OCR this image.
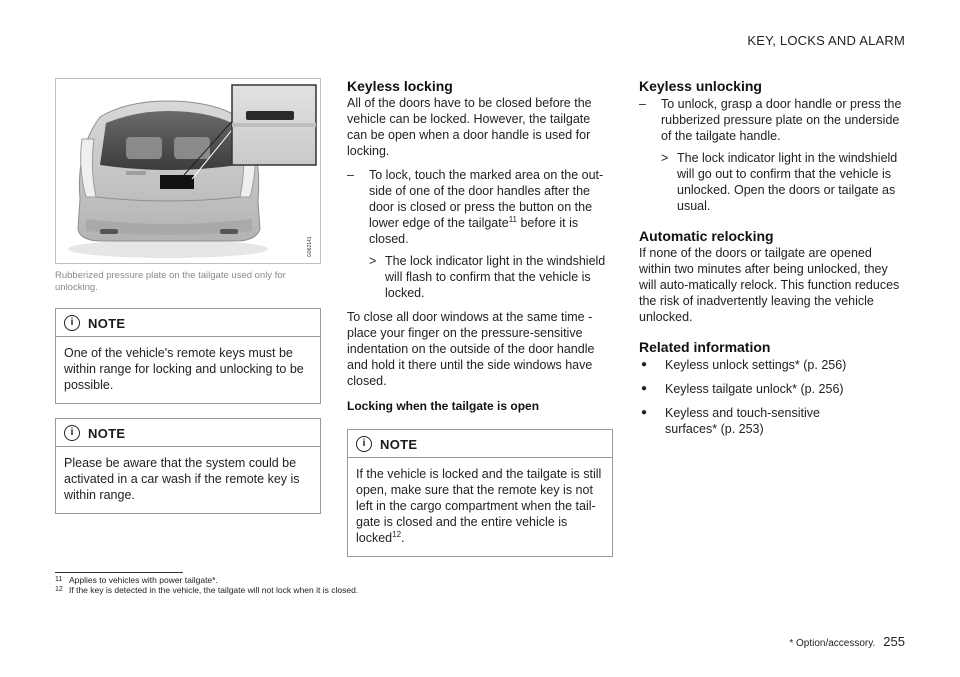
KEY, LOCKS AND ALARM
G062141
Rubberized pressure plate on the tailgate used only for unlocking.
i	NOTE
One of the vehicle's remote keys must be within range for locking and unlocking to be possible.
i	NOTE
Please be aware that the system could be activated in a car wash if the remote key is within range.
Keyless locking

All of the doors have to be closed before the vehicle can be locked. However, the tailgate can be open when a door handle is used for locking.

–	To lock, touch the marked area on the out-side of one of the door handles after the door is closed or press the button on the lower edge of the tailgate$^{11}$ before it is closed.
> The lock indicator light in the windshield will flash to confirm that the vehicle is locked.

To close all door windows at the same time - place your finger on the pressure-sensitive indentation on the outside of the door handle and hold it there until the side windows have closed.

Locking when the tailgate is open
i	NOTE
If the vehicle is locked and the tailgate is still open, make sure that the remote key is not left in the cargo compartment when the tail-gate is closed and the entire vehicle is locked$^{12}$.
Keyless unlocking
–	To unlock, grasp a door handle or press the rubberized pressure plate on the underside of the tailgate handle.
> The lock indicator light in the windshield will go out to confirm that the vehicle is unlocked. Open the doors or tailgate as usual.
Automatic relocking

If none of the doors or tailgate are opened within two minutes after being unlocked, they will auto-matically relock. This function reduces the risk of inadvertently leaving the vehicle unlocked.

Related information
●	Keyless unlock settings* (p. 256)
●	Keyless tailgate unlock* (p. 256)
●	Keyless and touch-sensitive surfaces* (p. 253)
11 Applies to vehicles with power tailgate*.
12 If the key is detected in the vehicle, the tailgate will not lock when it is closed.
* Option/accessory. 255
